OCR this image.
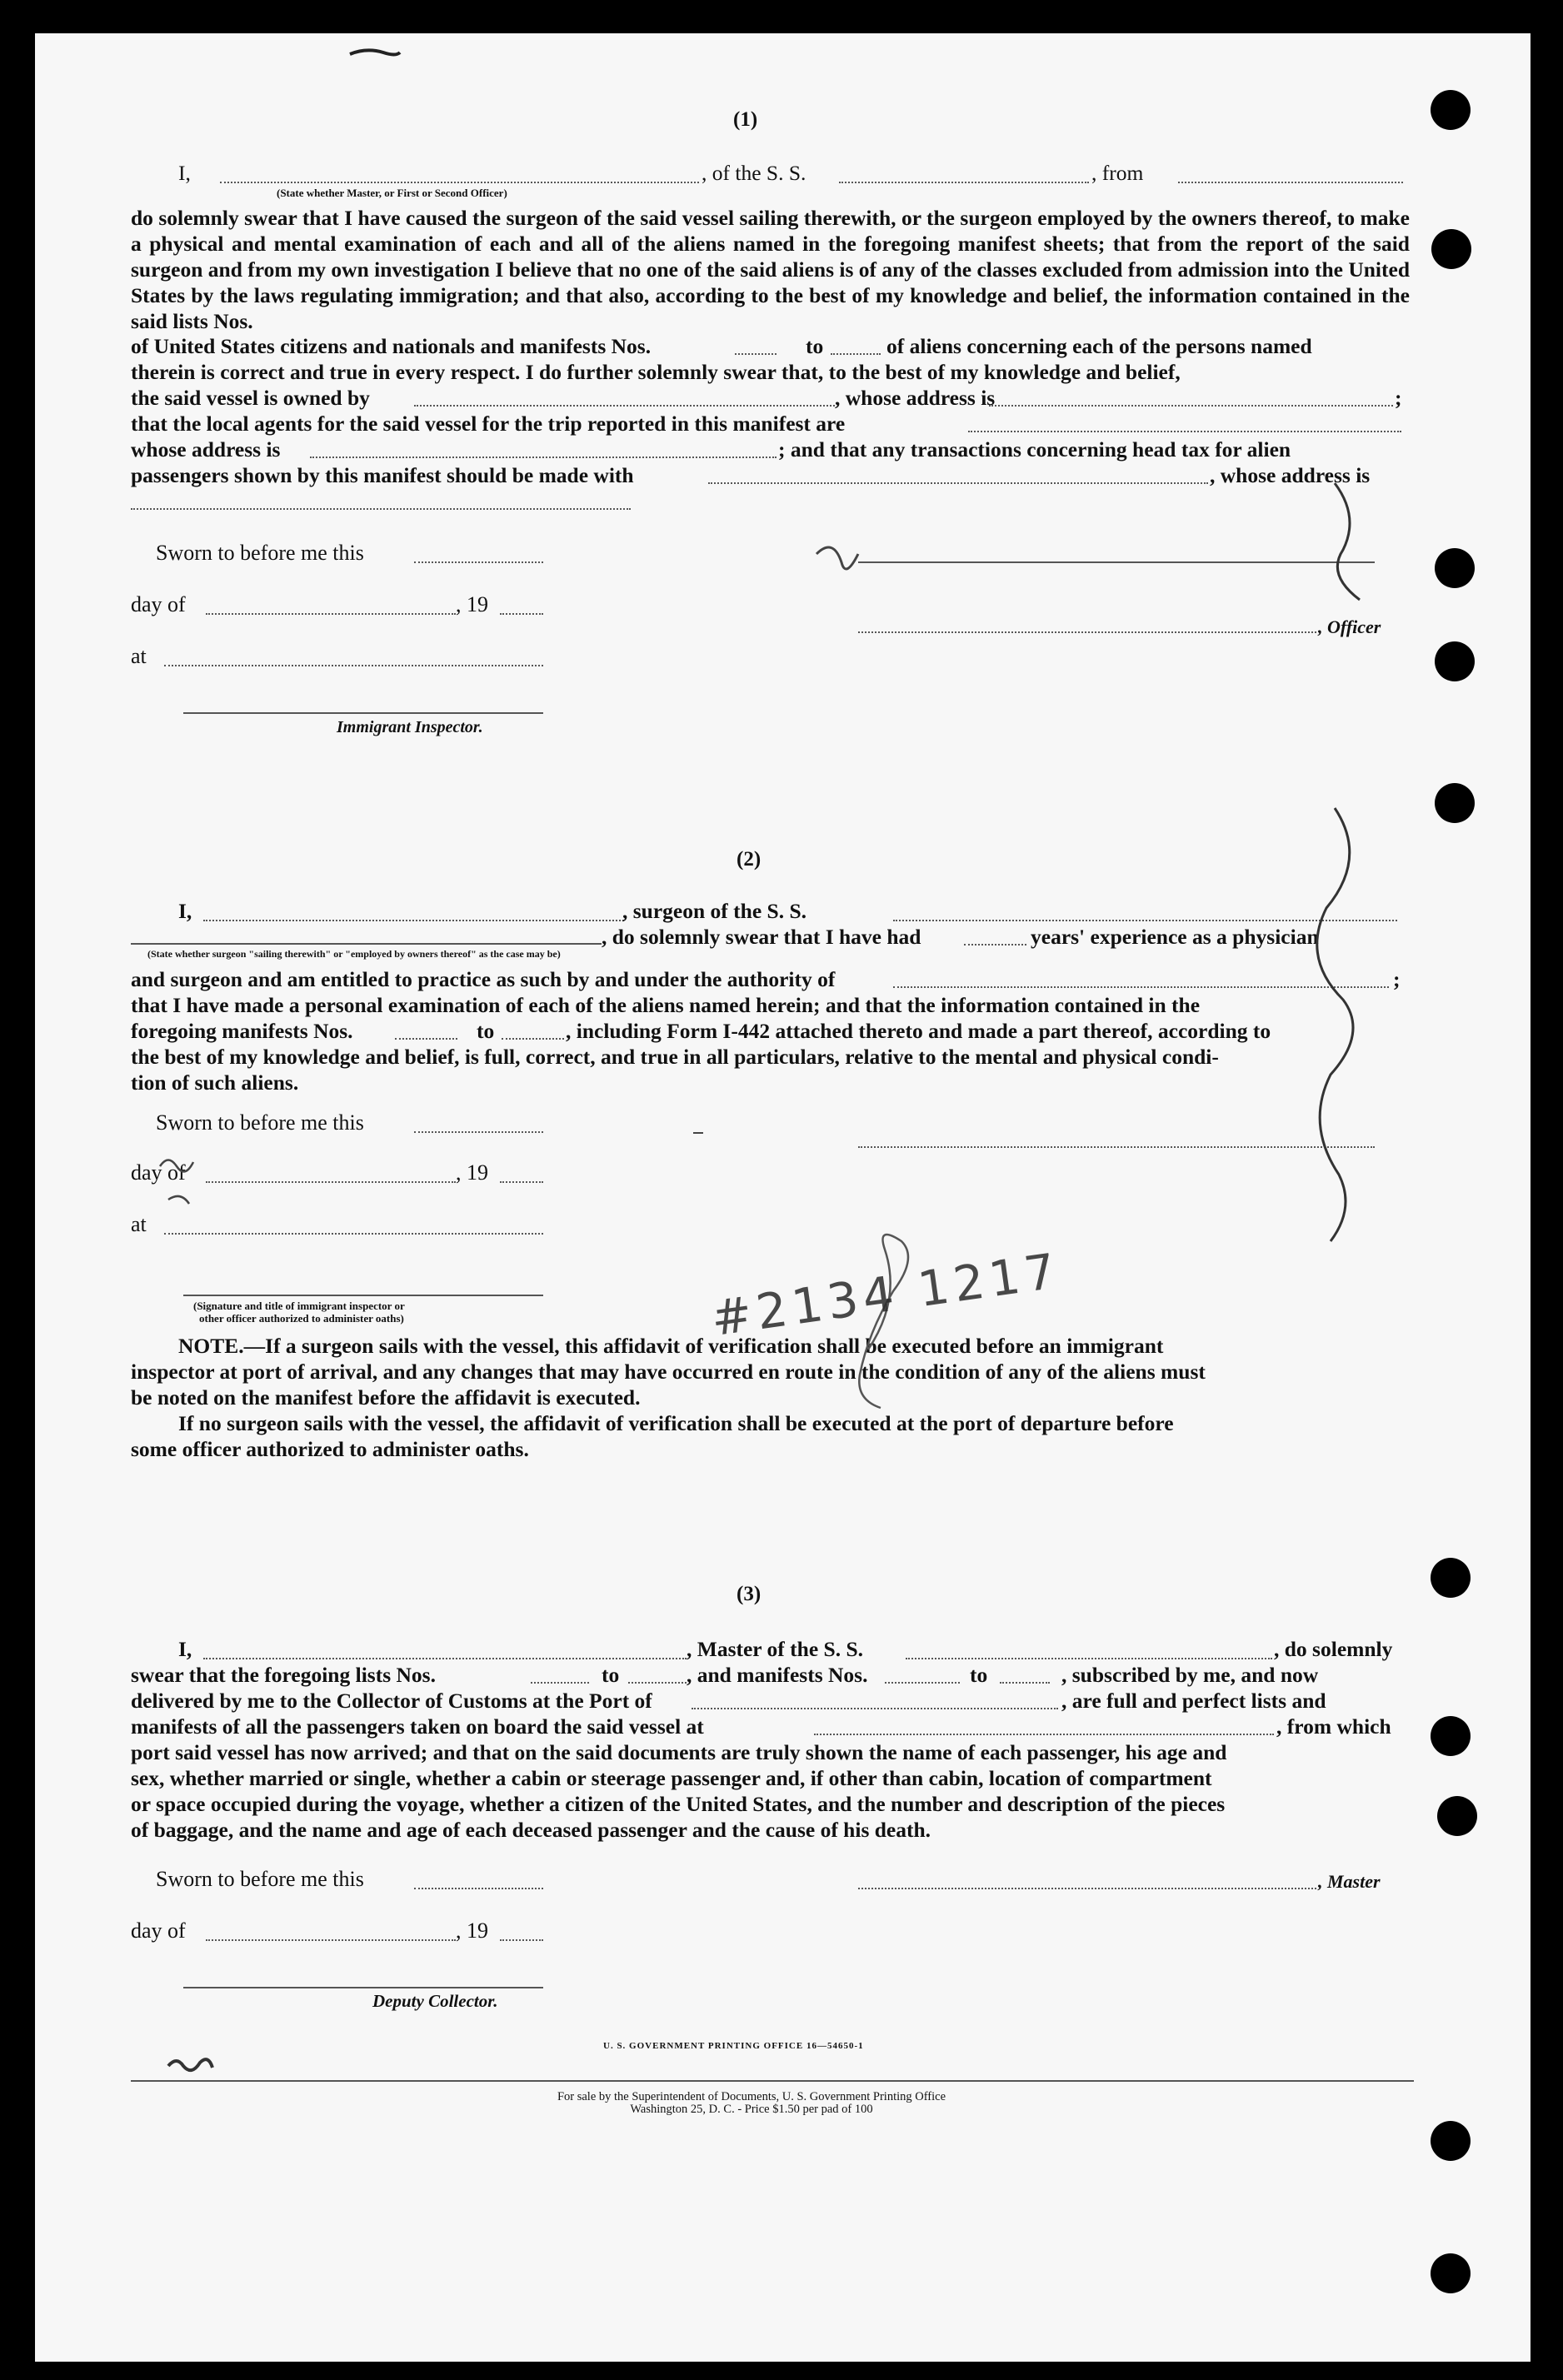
(1)
I,	, of the S. S.	, from
(State whether Master, or First or Second Officer)
do solemnly swear that I have caused the surgeon of the said vessel sailing therewith, or the surgeon employed by the owners thereof, to make a physical and mental examination of each and all of the aliens named in the foregoing manifest sheets; that from the report of the said surgeon and from my own investigation I believe that no one of the said aliens is of any of the classes excluded from admission into the United States by the laws regulating immigration; and that also, according to the best of my knowledge and belief, the information contained in the said lists Nos.
of United States citizens and nationals and manifests Nos.	to	of aliens concerning each of the persons named
therein is correct and true in every respect. I do further solemnly swear that, to the best of my knowledge and belief,
the said vessel is owned by	, whose address is	;
that the local agents for the said vessel for the trip reported in this manifest are
whose address is	; and that any transactions concerning head tax for alien
passengers shown by this manifest should be made with	, whose address is
Sworn to before me this
day of	, 19
, Officer
at
Immigrant Inspector.
(2)
I,	, surgeon of the S. S.
, do solemnly swear that I have had	years' experience as a physician
(State whether surgeon "sailing therewith" or "employed by owners thereof" as the case may be)
and surgeon and am entitled to practice as such by and under the authority of	;
that I have made a personal examination of each of the aliens named herein; and that the information contained in the
foregoing manifests Nos.	to	, including Form I-442 attached thereto and made a part thereof, according to
the best of my knowledge and belief, is full, correct, and true in all particulars, relative to the mental and physical condi-
tion of such aliens.
Sworn to before me this
day of	, 19
at
(Signature and title of immigrant inspector or
other officer authorized to administer oaths)
NOTE.—If a surgeon sails with the vessel, this affidavit of verification shall be executed before an immigrant
inspector at port of arrival, and any changes that may have occurred en route in the condition of any of the aliens must
be noted on the manifest before the affidavit is executed.
If no surgeon sails with the vessel, the affidavit of verification shall be executed at the port of departure before
some officer authorized to administer oaths.
(3)
I,	, Master of the S. S.	, do solemnly
swear that the foregoing lists Nos.	to	, and manifests Nos.	to	, subscribed by me, and now
delivered by me to the Collector of Customs at the Port of	, are full and perfect lists and
manifests of all the passengers taken on board the said vessel at	, from which
port said vessel has now arrived; and that on the said documents are truly shown the name of each passenger, his age and
sex, whether married or single, whether a cabin or steerage passenger and, if other than cabin, location of compartment
or space occupied during the voyage, whether a citizen of the United States, and the number and description of the pieces
of baggage, and the name and age of each deceased passenger and the cause of his death.
Sworn to before me this	, Master
day of	, 19
Deputy Collector.
U. S. GOVERNMENT PRINTING OFFICE 16—54650-1
For sale by the Superintendent of Documents, U. S. Government Printing Office
Washington 25, D. C. - Price $1.50 per pad of 100
#2134 1217
